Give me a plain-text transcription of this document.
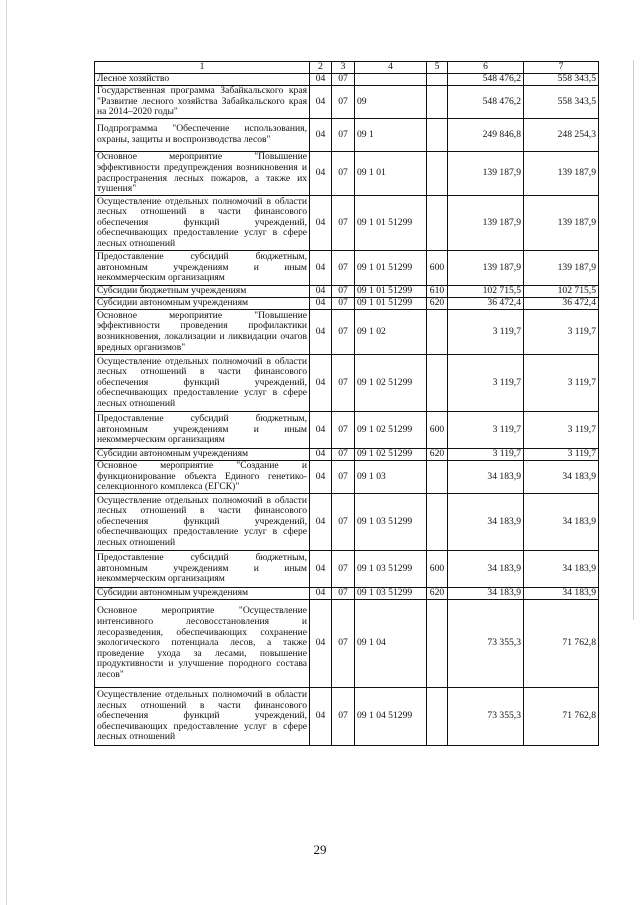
1	2	3	4	5	6	7
Лесное хозяйство	04	07			548 476,2	558 343,5
Государственная программа Забайкальского края "Развитие лесного хозяйства Забайкальского края на 2014–2020 годы"	04	07	09		548 476,2	558 343,5
Подпрограмма "Обеспечение использования, охраны, защиты и воспроизводства лесов"	04	07	09 1		249 846,8	248 254,3
Основное мероприятие "Повышение эффективности предупреждения возникновения и распространения лесных пожаров, а также их тушения"	04	07	09 1 01		139 187,9	139 187,9
Осуществление отдельных полномочий в области лесных отношений в части финансового обеспечения функций учреждений, обеспечивающих предоставление услуг в сфере лесных отношений	04	07	09 1 01 51299		139 187,9	139 187,9
Предоставление субсидий бюджетным, автономным учреждениям и иным некоммерческим организациям	04	07	09 1 01 51299	600	139 187,9	139 187,9
Субсидии бюджетным учреждениям	04	07	09 1 01 51299	610	102 715,5	102 715,5
Субсидии автономным учреждениям	04	07	09 1 01 51299	620	36 472,4	36 472,4
Основное мероприятие "Повышение эффективности проведения профилактики возникновения, локализации и ликвидации очагов вредных организмов"	04	07	09 1 02		3 119,7	3 119,7
Осуществление отдельных полномочий в области лесных отношений в части финансового обеспечения функций учреждений, обеспечивающих предоставление услуг в сфере лесных отношений	04	07	09 1 02 51299		3 119,7	3 119,7
Предоставление субсидий бюджетным, автономным учреждениям и иным некоммерческим организациям	04	07	09 1 02 51299	600	3 119,7	3 119,7
Субсидии автономным учреждениям	04	07	09 1 02 51299	620	3 119,7	3 119,7
Основное мероприятие "Создание и функционирование объекта Единого генетико-селекционного комплекса (ЕГСК)"	04	07	09 1 03		34 183,9	34 183,9
Осуществление отдельных полномочий в области лесных отношений в части финансового обеспечения функций учреждений, обеспечивающих предоставление услуг в сфере лесных отношений	04	07	09 1 03 51299		34 183,9	34 183,9
Предоставление субсидий бюджетным, автономным учреждениям и иным некоммерческим организациям	04	07	09 1 03 51299	600	34 183,9	34 183,9
Субсидии автономным учреждениям	04	07	09 1 03 51299	620	34 183,9	34 183,9
Основное мероприятие "Осуществление интенсивного лесовосстановления и лесоразведения, обеспечивающих сохранение экологического потенциала лесов, а также проведение ухода за лесами, повышение продуктивности и улучшение породного состава лесов"	04	07	09 1 04		73 355,3	71 762,8
Осуществление отдельных полномочий в области лесных отношений в части финансового обеспечения функций учреждений, обеспечивающих предоставление услуг в сфере лесных отношений	04	07	09 1 04 51299		73 355,3	71 762,8
29
